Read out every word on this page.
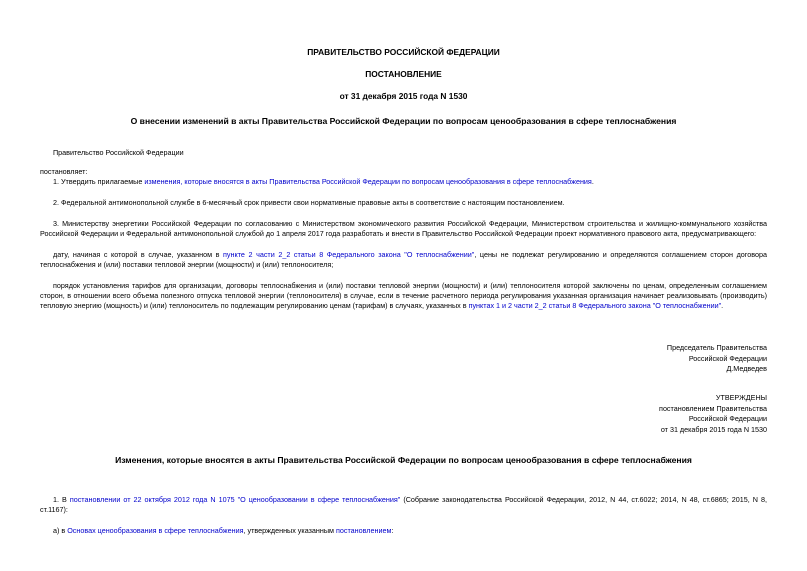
ПРАВИТЕЛЬСТВО РОССИЙСКОЙ ФЕДЕРАЦИИ
ПОСТАНОВЛЕНИЕ
от 31 декабря 2015 года N 1530
О внесении изменений в акты Правительства Российской Федерации по вопросам ценообразования в сфере теплоснабжения
Правительство Российской Федерации
постановляет:
1. Утвердить прилагаемые изменения, которые вносятся в акты Правительства Российской Федерации по вопросам ценообразования в сфере теплоснабжения.
2. Федеральной антимонопольной службе в 6-месячный срок привести свои нормативные правовые акты в соответствие с настоящим постановлением.
3. Министерству энергетики Российской Федерации по согласованию с Министерством экономического развития Российской Федерации, Министерством строительства и жилищно-коммунального хозяйства Российской Федерации и Федеральной антимонопольной службой до 1 апреля 2017 года разработать и внести в Правительство Российской Федерации проект нормативного правового акта, предусматривающего:
дату, начиная с которой в случае, указанном в пункте 2 части 2_2 статьи 8 Федерального закона "О теплоснабжении", цены не подлежат регулированию и определяются соглашением сторон договора теплоснабжения и (или) поставки тепловой энергии (мощности) и (или) теплоносителя;
порядок установления тарифов для организации, договоры теплоснабжения и (или) поставки тепловой энергии (мощности) и (или) теплоносителя которой заключены по ценам, определенным соглашением сторон, в отношении всего объема полезного отпуска тепловой энергии (теплоносителя) в случае, если в течение расчетного периода регулирования указанная организация начинает реализовывать (производить) тепловую энергию (мощность) и (или) теплоноситель по подлежащим регулированию ценам (тарифам) в случаях, указанных в пунктах 1 и 2 части 2_2 статьи 8 Федерального закона "О теплоснабжении".
Председатель Правительства
Российской Федерации
Д.Медведев
УТВЕРЖДЕНЫ
постановлением Правительства
Российской Федерации
от 31 декабря 2015 года N 1530
Изменения, которые вносятся в акты Правительства Российской Федерации по вопросам ценообразования в сфере теплоснабжения
1. В постановлении от 22 октября 2012 года N 1075 "О ценообразовании в сфере теплоснабжения" (Собрание законодательства Российской Федерации, 2012, N 44, ст.6022; 2014, N 48, ст.6865; 2015, N 8, ст.1167):
а) в Основах ценообразования в сфере теплоснабжения, утвержденных указанным постановлением:
